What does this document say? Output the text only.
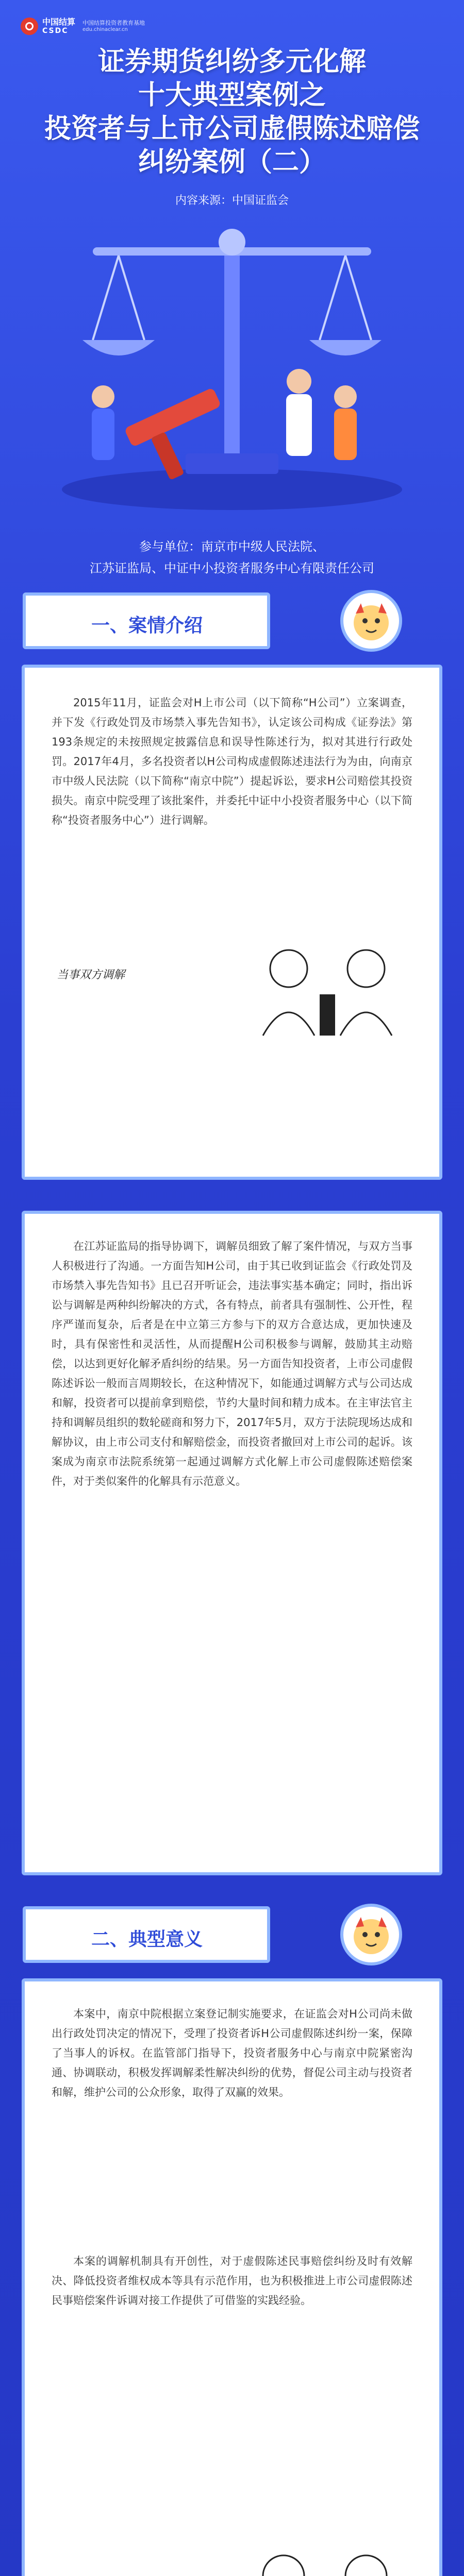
中国结算
CSDC
中国结算投资者教育基地
edu.chinaclear.cn
证券期货纠纷多元化解
十大典型案例之
投资者与上市公司虚假陈述赔偿
纠纷案例（二）
内容来源：中国证监会
参与单位：南京市中级人民法院、
江苏证监局、中证中小投资者服务中心有限责任公司
一、案情介绍
2015年11月，证监会对H上市公司（以下简称“H公司”）立案调查，并下发《行政处罚及市场禁入事先告知书》，认定该公司构成《证券法》第193条规定的未按照规定披露信息和误导性陈述行为，拟对其进行行政处罚。2017年4月，多名投资者以H公司构成虚假陈述违法行为为由，向南京市中级人民法院（以下简称“南京中院”）提起诉讼，要求H公司赔偿其投资损失。南京中院受理了该批案件，并委托中证中小投资者服务中心（以下简称“投资者服务中心”）进行调解。
当事双方调解
在江苏证监局的指导协调下，调解员细致了解了案件情况，与双方当事人积极进行了沟通。一方面告知H公司，由于其已收到证监会《行政处罚及市场禁入事先告知书》且已召开听证会，违法事实基本确定；同时，指出诉讼与调解是两种纠纷解决的方式，各有特点，前者具有强制性、公开性，程序严谨而复杂，后者是在中立第三方参与下的双方合意达成，更加快速及时，具有保密性和灵活性，从而提醒H公司积极参与调解，鼓励其主动赔偿，以达到更好化解矛盾纠纷的结果。另一方面告知投资者，上市公司虚假陈述诉讼一般而言周期较长，在这种情况下，如能通过调解方式与公司达成和解，投资者可以提前拿到赔偿，节约大量时间和精力成本。在主审法官主持和调解员组织的数轮磋商和努力下，2017年5月，双方于法院现场达成和解协议，由上市公司支付和解赔偿金，而投资者撤回对上市公司的起诉。该案成为南京市法院系统第一起通过调解方式化解上市公司虚假陈述赔偿案件，对于类似案件的化解具有示范意义。
二、典型意义
本案中，南京中院根据立案登记制实施要求，在证监会对H公司尚未做出行政处罚决定的情况下，受理了投资者诉H公司虚假陈述纠纷一案，保障了当事人的诉权。在监管部门指导下，投资者服务中心与南京中院紧密沟通、协调联动，积极发挥调解柔性解决纠纷的优势，督促公司主动与投资者和解，维护公司的公众形象，取得了双赢的效果。
本案的调解机制具有开创性，对于虚假陈述民事赔偿纠纷及时有效解决、降低投资者维权成本等具有示范作用，也为积极推进上市公司虚假陈述民事赔偿案件诉调对接工作提供了可借鉴的实践经验。
